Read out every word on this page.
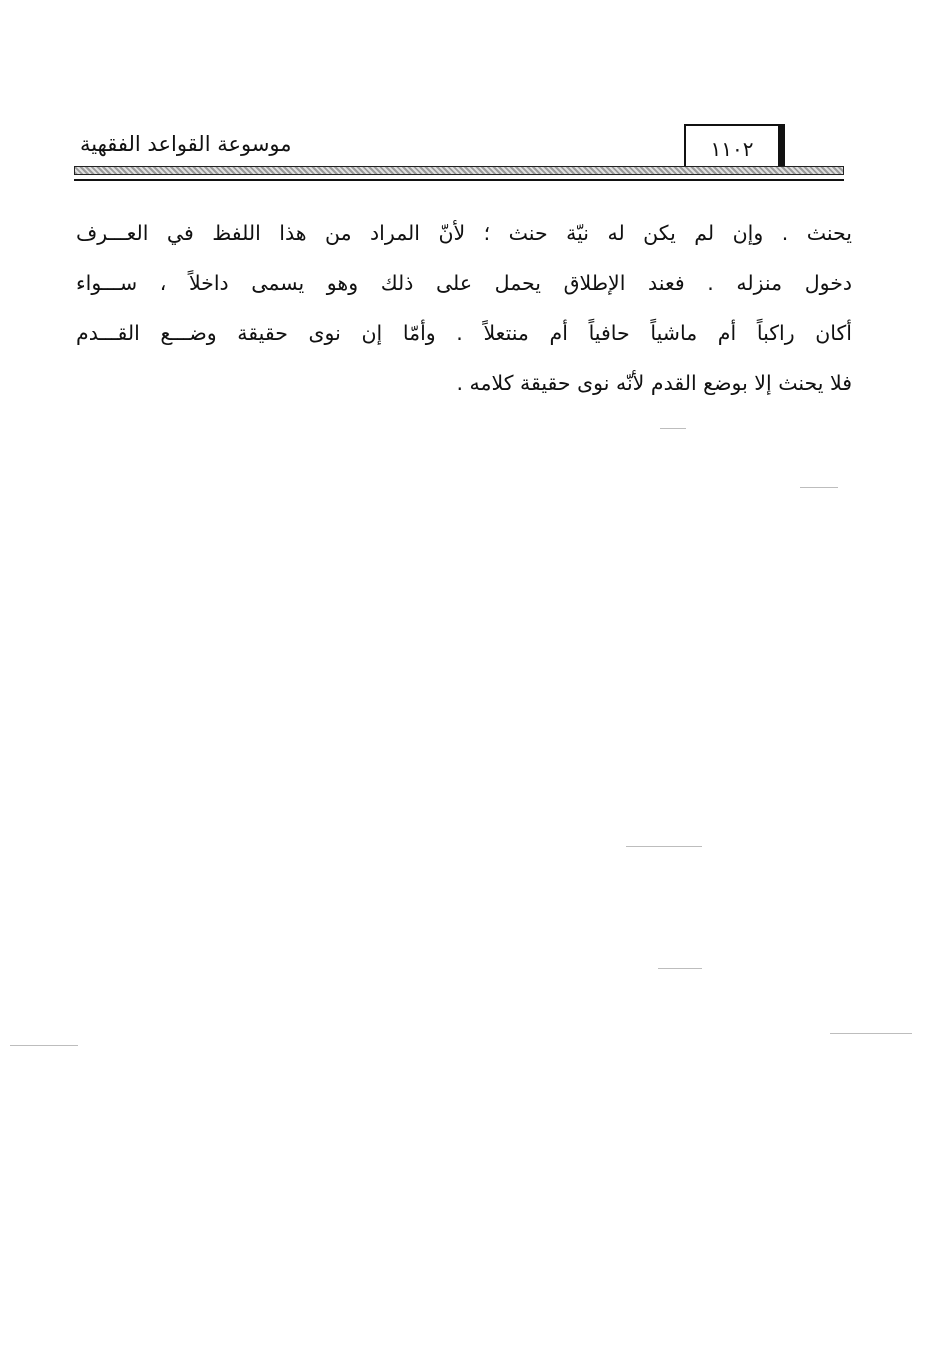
موسوعة القواعد الفقهية	١١٠٢
يحنث . وإن لم يكن له نيّة حنث ؛ لأنّ المراد من هذا اللفظ في العـــرف
دخول منزله . فعند الإطلاق يحمل على ذلك وهو يسمى داخلاً ، ســـواء
أكان راكباً أم ماشياً حافياً أم منتعلاً . وأمّا إن نوى حقيقة وضـــع القـــدم
فلا يحنث إلا بوضع القدم لأنّه نوى حقيقة كلامه .
